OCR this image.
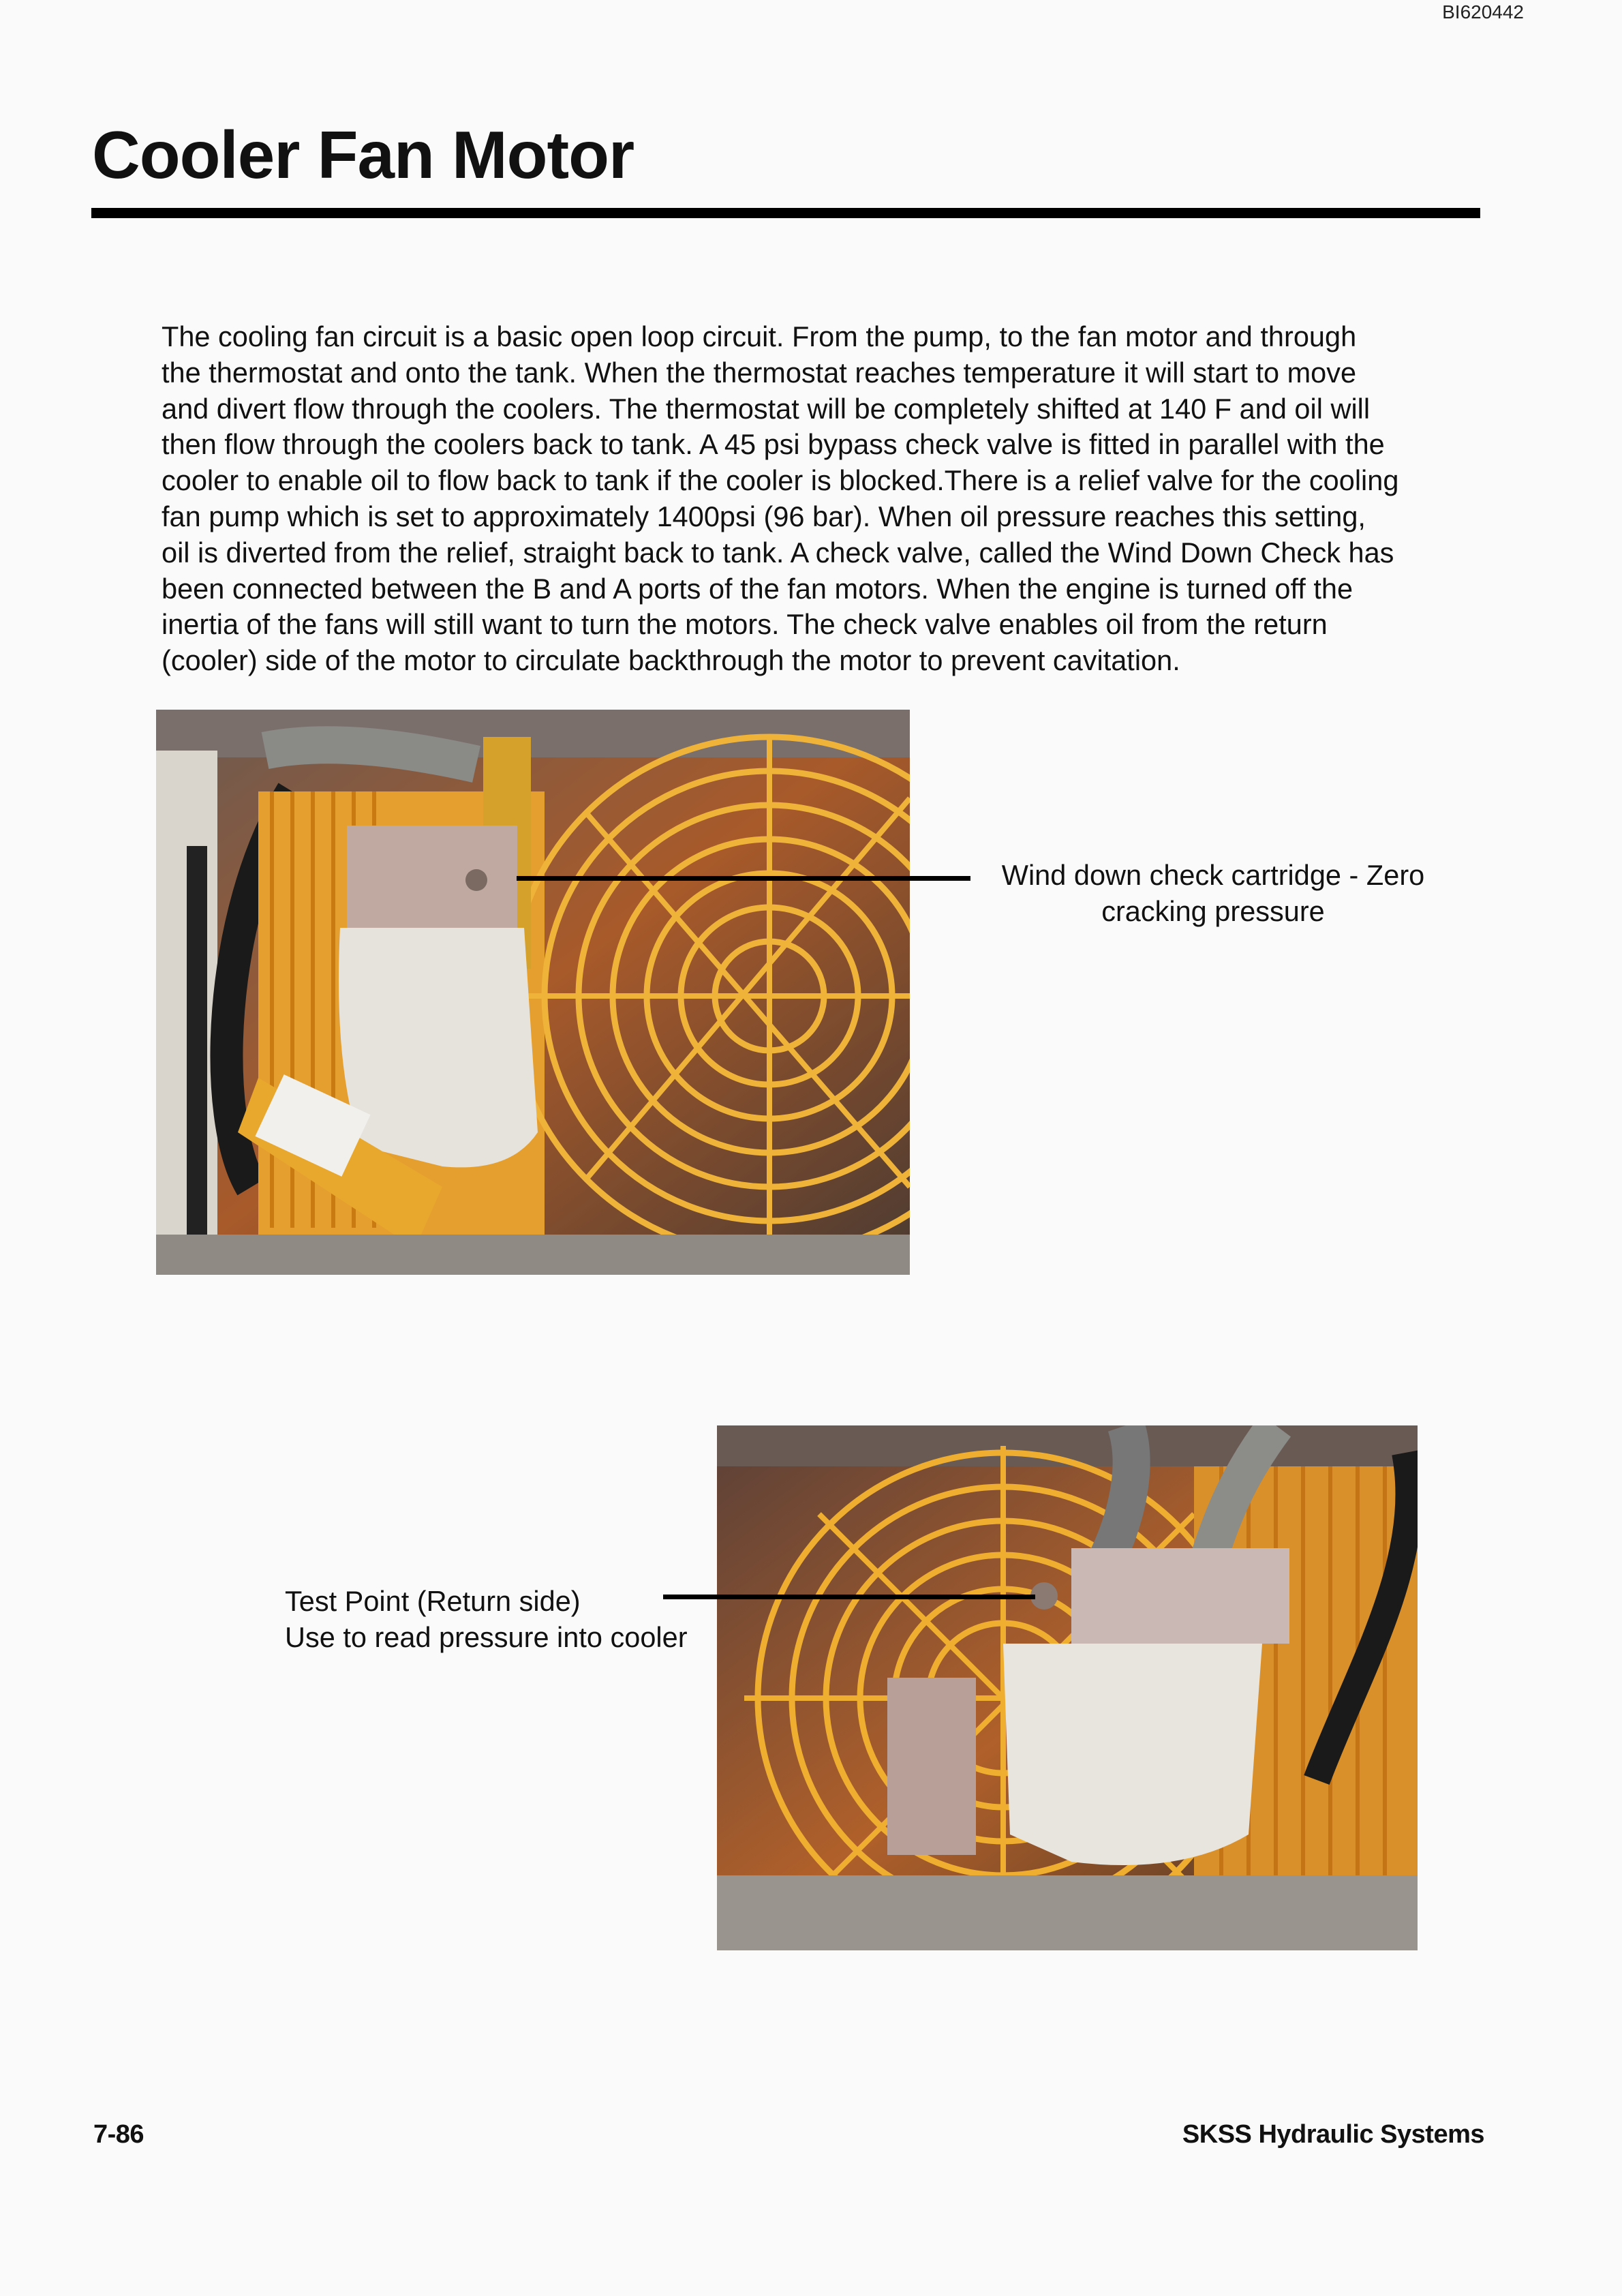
BI620442
Cooler Fan Motor

The cooling fan circuit is a basic open loop circuit. From the pump, to the fan motor and through
the thermostat and onto the tank. When the thermostat reaches temperature it will start to move
and divert flow through the coolers. The thermostat will be completely shifted at 140 F and oil will
then flow through the coolers back to tank. A 45 psi bypass check valve is fitted in parallel with the
cooler to enable oil to flow back to tank if the cooler is blocked.There is a relief valve for the cooling
fan pump which is set to approximately 1400psi (96 bar). When oil pressure reaches this setting,
oil is diverted from the relief, straight back to tank. A check valve, called the Wind Down Check has
been connected between the B and A ports of the fan motors. When the engine is turned off the
inertia of the fans will still want to turn the motors. The check valve enables oil from the return
(cooler) side of the motor to circulate backthrough the motor to prevent cavitation.

Wind down check cartridge - Zero
cracking pressure

Test Point (Return side)
Use to read pressure into cooler

7-86	SKSS Hydraulic Systems
